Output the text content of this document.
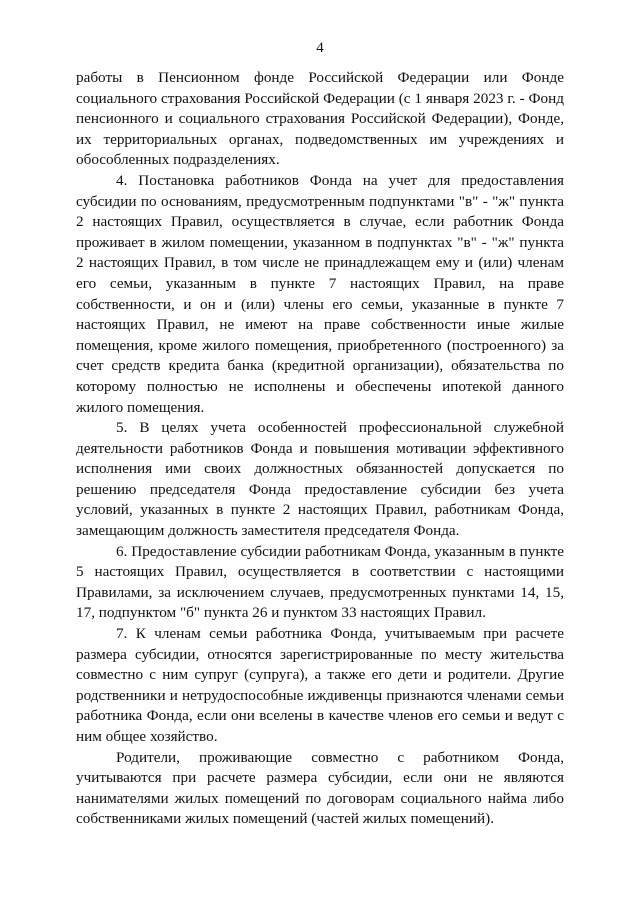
4

работы в Пенсионном фонде Российской Федерации или Фонде социального страхования Российской Федерации (с 1 января 2023 г. - Фонд пенсионного и социального страхования Российской Федерации), Фонде, их территориальных органах, подведомственных им учреждениях и обособленных подразделениях.

4. Постановка работников Фонда на учет для предоставления субсидии по основаниям, предусмотренным подпунктами "в" - "ж" пункта 2 настоящих Правил, осуществляется в случае, если работник Фонда проживает в жилом помещении, указанном в подпунктах "в" - "ж" пункта 2 настоящих Правил, в том числе не принадлежащем ему и (или) членам его семьи, указанным в пункте 7 настоящих Правил, на праве собственности, и он и (или) члены его семьи, указанные в пункте 7 настоящих Правил, не имеют на праве собственности иные жилые помещения, кроме жилого помещения, приобретенного (построенного) за счет средств кредита банка (кредитной организации), обязательства по которому полностью не исполнены и обеспечены ипотекой данного жилого помещения.

5. В целях учета особенностей профессиональной служебной деятельности работников Фонда и повышения мотивации эффективного исполнения ими своих должностных обязанностей допускается по решению председателя Фонда предоставление субсидии без учета условий, указанных в пункте 2 настоящих Правил, работникам Фонда, замещающим должность заместителя председателя Фонда.

6. Предоставление субсидии работникам Фонда, указанным в пункте 5 настоящих Правил, осуществляется в соответствии с настоящими Правилами, за исключением случаев, предусмотренных пунктами 14, 15, 17, подпунктом "б" пункта 26 и пунктом 33 настоящих Правил.

7. К членам семьи работника Фонда, учитываемым при расчете размера субсидии, относятся зарегистрированные по месту жительства совместно с ним супруг (супруга), а также его дети и родители. Другие родственники и нетрудоспособные иждивенцы признаются членами семьи работника Фонда, если они вселены в качестве членов его семьи и ведут с ним общее хозяйство.

Родители, проживающие совместно с работником Фонда, учитываются при расчете размера субсидии, если они не являются нанимателями жилых помещений по договорам социального найма либо собственниками жилых помещений (частей жилых помещений).
